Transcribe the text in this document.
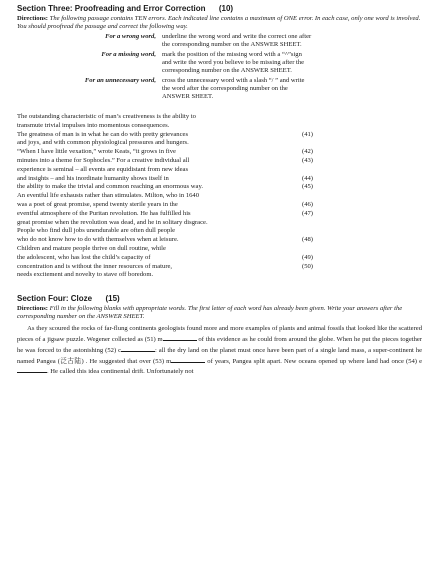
Section Three: Proofreading and Error Correction (10)

Directions: The following passage contains TEN errors. Each indicated line contains a maximum of ONE error. In each case, only one word is involved. You should proofread the passage and correct the following way.

For a wrong word, underline the wrong word and write the correct one after the corresponding number on the ANSWER SHEET.
For a missing word, mark the position of the missing word with a “^”sign and write the word you believe to be missing after the corresponding number on the ANSWER SHEET.
For an unnecessary word, cross the unnecessary word with a slash “/ ” and write the word after the corresponding number on the ANSWER SHEET.
The outstanding characteristic of man’s creativeness is the ability to
transmute trivial impulses into momentous consequences.
The greatness of man is in what he can do with pretty grievances	(41)
and joys, and with common physiological pressures and hungers.
“When I have little vexation,” wrote Keats, “it grows in five	(42)
minutes into a theme for Sophocles.” For a creative individual all	(43)
experience is seminal – all events are equidistant from new ideas
and insights – and his inordinate humanity shows itself in	(44)
the ability to make the trivial and common reaching an enormous way.	(45)
An eventful life exhausts rather than stimulates. Milton, who in 1640
was a poet of great promise, spend twenty sterile years in the	(46)
eventful atmosphere of the Puritan revolution. He has fulfilled his	(47)
great promise when the revolution was dead, and he in solitary disgrace.
People who find dull jobs unendurable are often dull people
who do not know how to do with themselves when at leisure.	(48)
Children and mature people thrive on dull routine, while
the adolescent, who has lost the child’s capacity of	(49)
concentration and is without the inner resources of mature,	(50)
needs excitement and novelty to stave off boredom.
Section Four: Cloze (15)

Directions: Fill in the following blanks with appropriate words. The first letter of each word has already been given. Write your answers after the corresponding number on the ANSWER SHEET.

As they scoured the rocks of far-flung continents geologists found more and more examples of plants and animal fossils that looked like the scattered pieces of a jigsaw puzzle. Wegener collected as (51) m	of this evidence as he could from around the globe. When he put the pieces together he was forced to the astonishing (52) c	: all the dry land on the planet must once have been part of a single land mass, a super-continent he named Pangea (泛古陆) . He suggested that over (53) m	of years, Pangea split apart. New oceans opened up where land had once (54) e. He called this idea continental drift. Unfortunately not
